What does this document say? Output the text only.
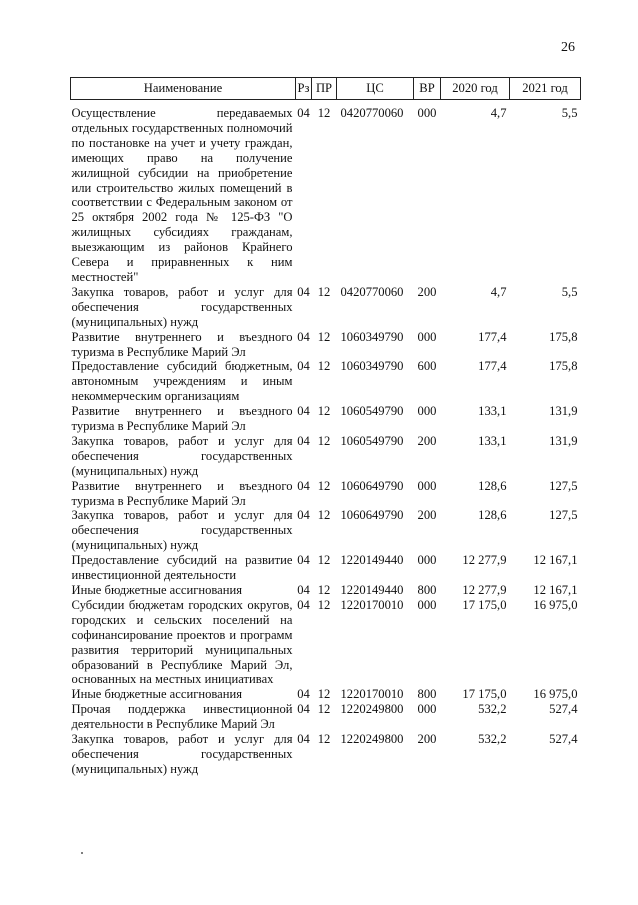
26
Наименование	Рз	ПР	ЦС	ВР	2020 год	2021 год
Осуществление передаваемых отдельных государственных полномочий по постановке на учет и учету граждан, имеющих право на получение жилищной субсидии на приобретение или строительство жилых помещений в соответствии с Федеральным законом от 25 октября 2002 года № 125-ФЗ "О жилищных субсидиях гражданам, выезжающим из районов Крайнего Севера и приравненных к ним местностей"	04	12	0420770060	000	4,7	5,5
Закупка товаров, работ и услуг для обеспечения государственных (муниципальных) нужд	04	12	0420770060	200	4,7	5,5
Развитие внутреннего и въездного туризма в Республике Марий Эл	04	12	1060349790	000	177,4	175,8
Предоставление субсидий бюджетным, автономным учреждениям и иным некоммерческим организациям	04	12	1060349790	600	177,4	175,8
Развитие внутреннего и въездного туризма в Республике Марий Эл	04	12	1060549790	000	133,1	131,9
Закупка товаров, работ и услуг для обеспечения государственных (муниципальных) нужд	04	12	1060549790	200	133,1	131,9
Развитие внутреннего и въездного туризма в Республике Марий Эл	04	12	1060649790	000	128,6	127,5
Закупка товаров, работ и услуг для обеспечения государственных (муниципальных) нужд	04	12	1060649790	200	128,6	127,5
Предоставление субсидий на развитие инвестиционной деятельности	04	12	1220149440	000	12 277,9	12 167,1
Иные бюджетные ассигнования	04	12	1220149440	800	12 277,9	12 167,1
Субсидии бюджетам городских округов, городских и сельских поселений на софинансирование проектов и программ развития территорий муниципальных образований в Республике Марий Эл, основанных на местных инициативах	04	12	1220170010	000	17 175,0	16 975,0
Иные бюджетные ассигнования	04	12	1220170010	800	17 175,0	16 975,0
Прочая поддержка инвестиционной деятельности в Республике Марий Эл	04	12	1220249800	000	532,2	527,4
Закупка товаров, работ и услуг для обеспечения государственных (муниципальных) нужд	04	12	1220249800	200	532,2	527,4
